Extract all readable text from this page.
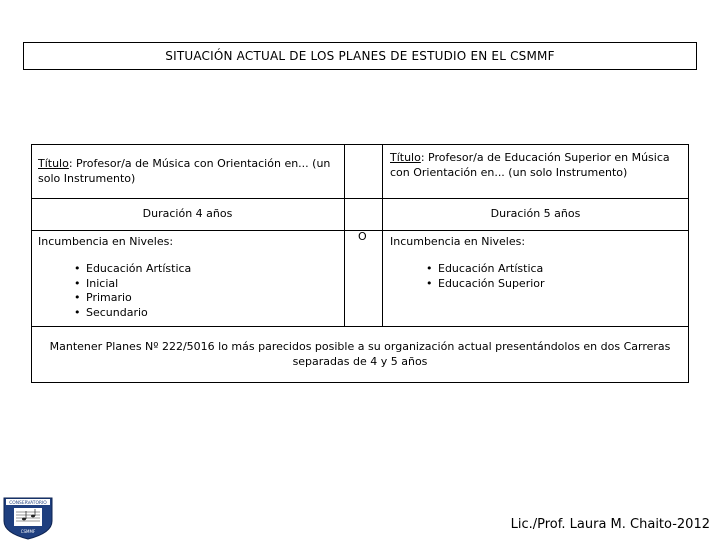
SITUACIÓN ACTUAL DE LOS PLANES DE ESTUDIO EN EL CSMMF
Título: Profesor/a de Música con Orientación en... (un solo Instrumento)
Duración 4 años
Incumbencia en Niveles:
• Educación Artística
• Inicial
• Primario
• Secundario
O
Título: Profesor/a de Educación Superior en Música con Orientación en... (un solo Instrumento)
Duración 5 años
Incumbencia en Niveles:
• Educación Artística
• Educación Superior
Mantener Planes Nº 222/5016 lo más parecidos posible a su organización actual presentándolos en dos Carreras separadas de 4 y 5 años
CONSERVATORIO
CSMMF	Lic./Prof. Laura M. Chaito-2012
